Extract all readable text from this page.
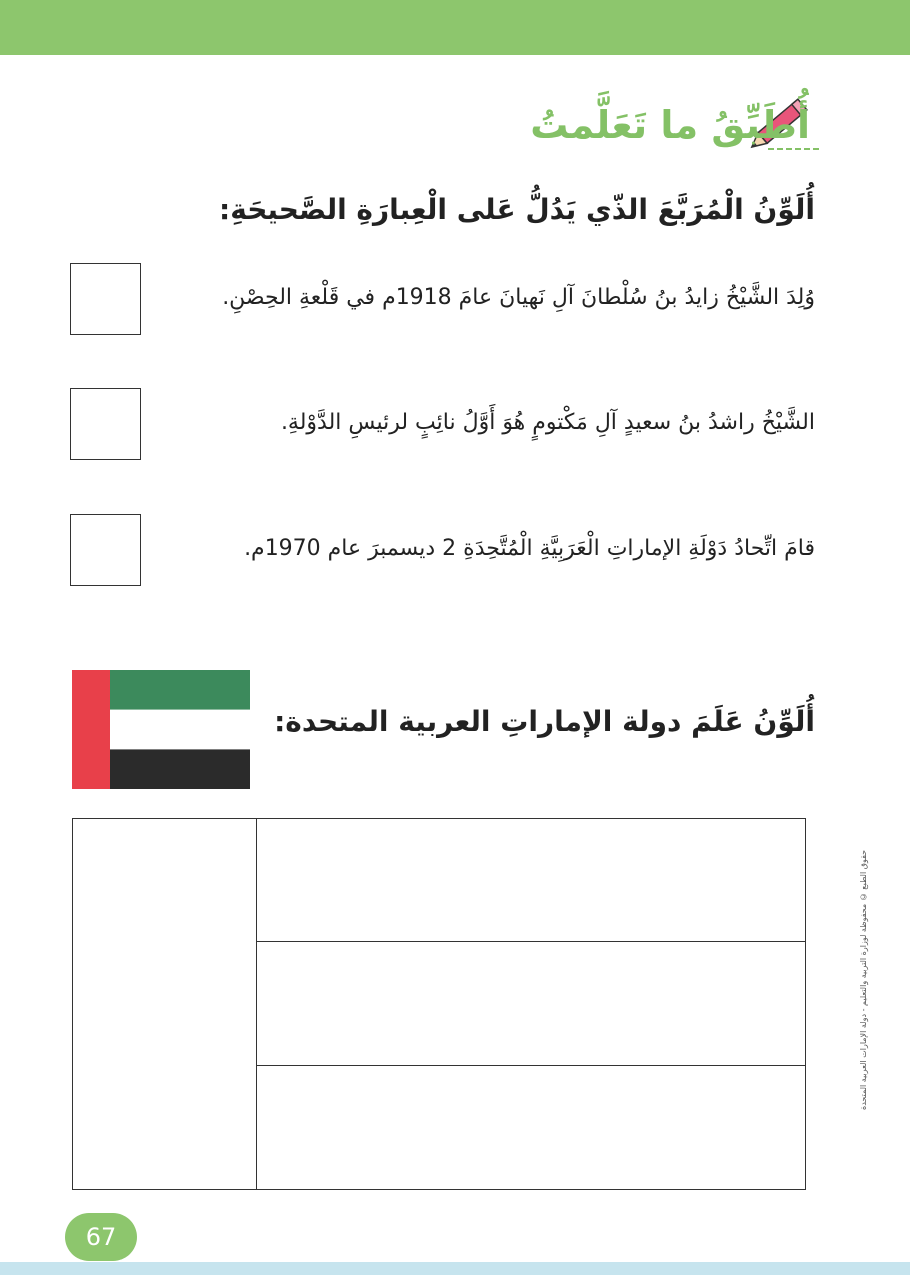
أُطَبِّقُ ما تَعَلَّمتُ

أُلَوِّنُ الْمُرَبَّعَ الذّي يَدُلُّ عَلى الْعِبارَةِ الصَّحيحَةِ:

وُلِدَ الشَّيْخُ زايدُ بنُ سُلْطانَ آلِ نَهيانَ عامَ 1918م في قَلْعةِ الحِصْنِ.

الشَّيْخُ راشدُ بنُ سعيدٍ آلِ مَكْتومٍ هُوَ أَوَّلُ نائِبٍ لرئيسِ الدَّوْلةِ.

قامَ اتِّحادُ دَوْلَةِ الإماراتِ الْعَرَبِيَّةِ الْمُتَّحِدَةِ 2 ديسمبرَ عام 1970م.

أُلَوِّنُ عَلَمَ دولة الإماراتِ العربية المتحدة:

حقوق الطبع © محفوظة لوزارة التربية والتعليم - دولة الإمارات العربية المتحدة
67
